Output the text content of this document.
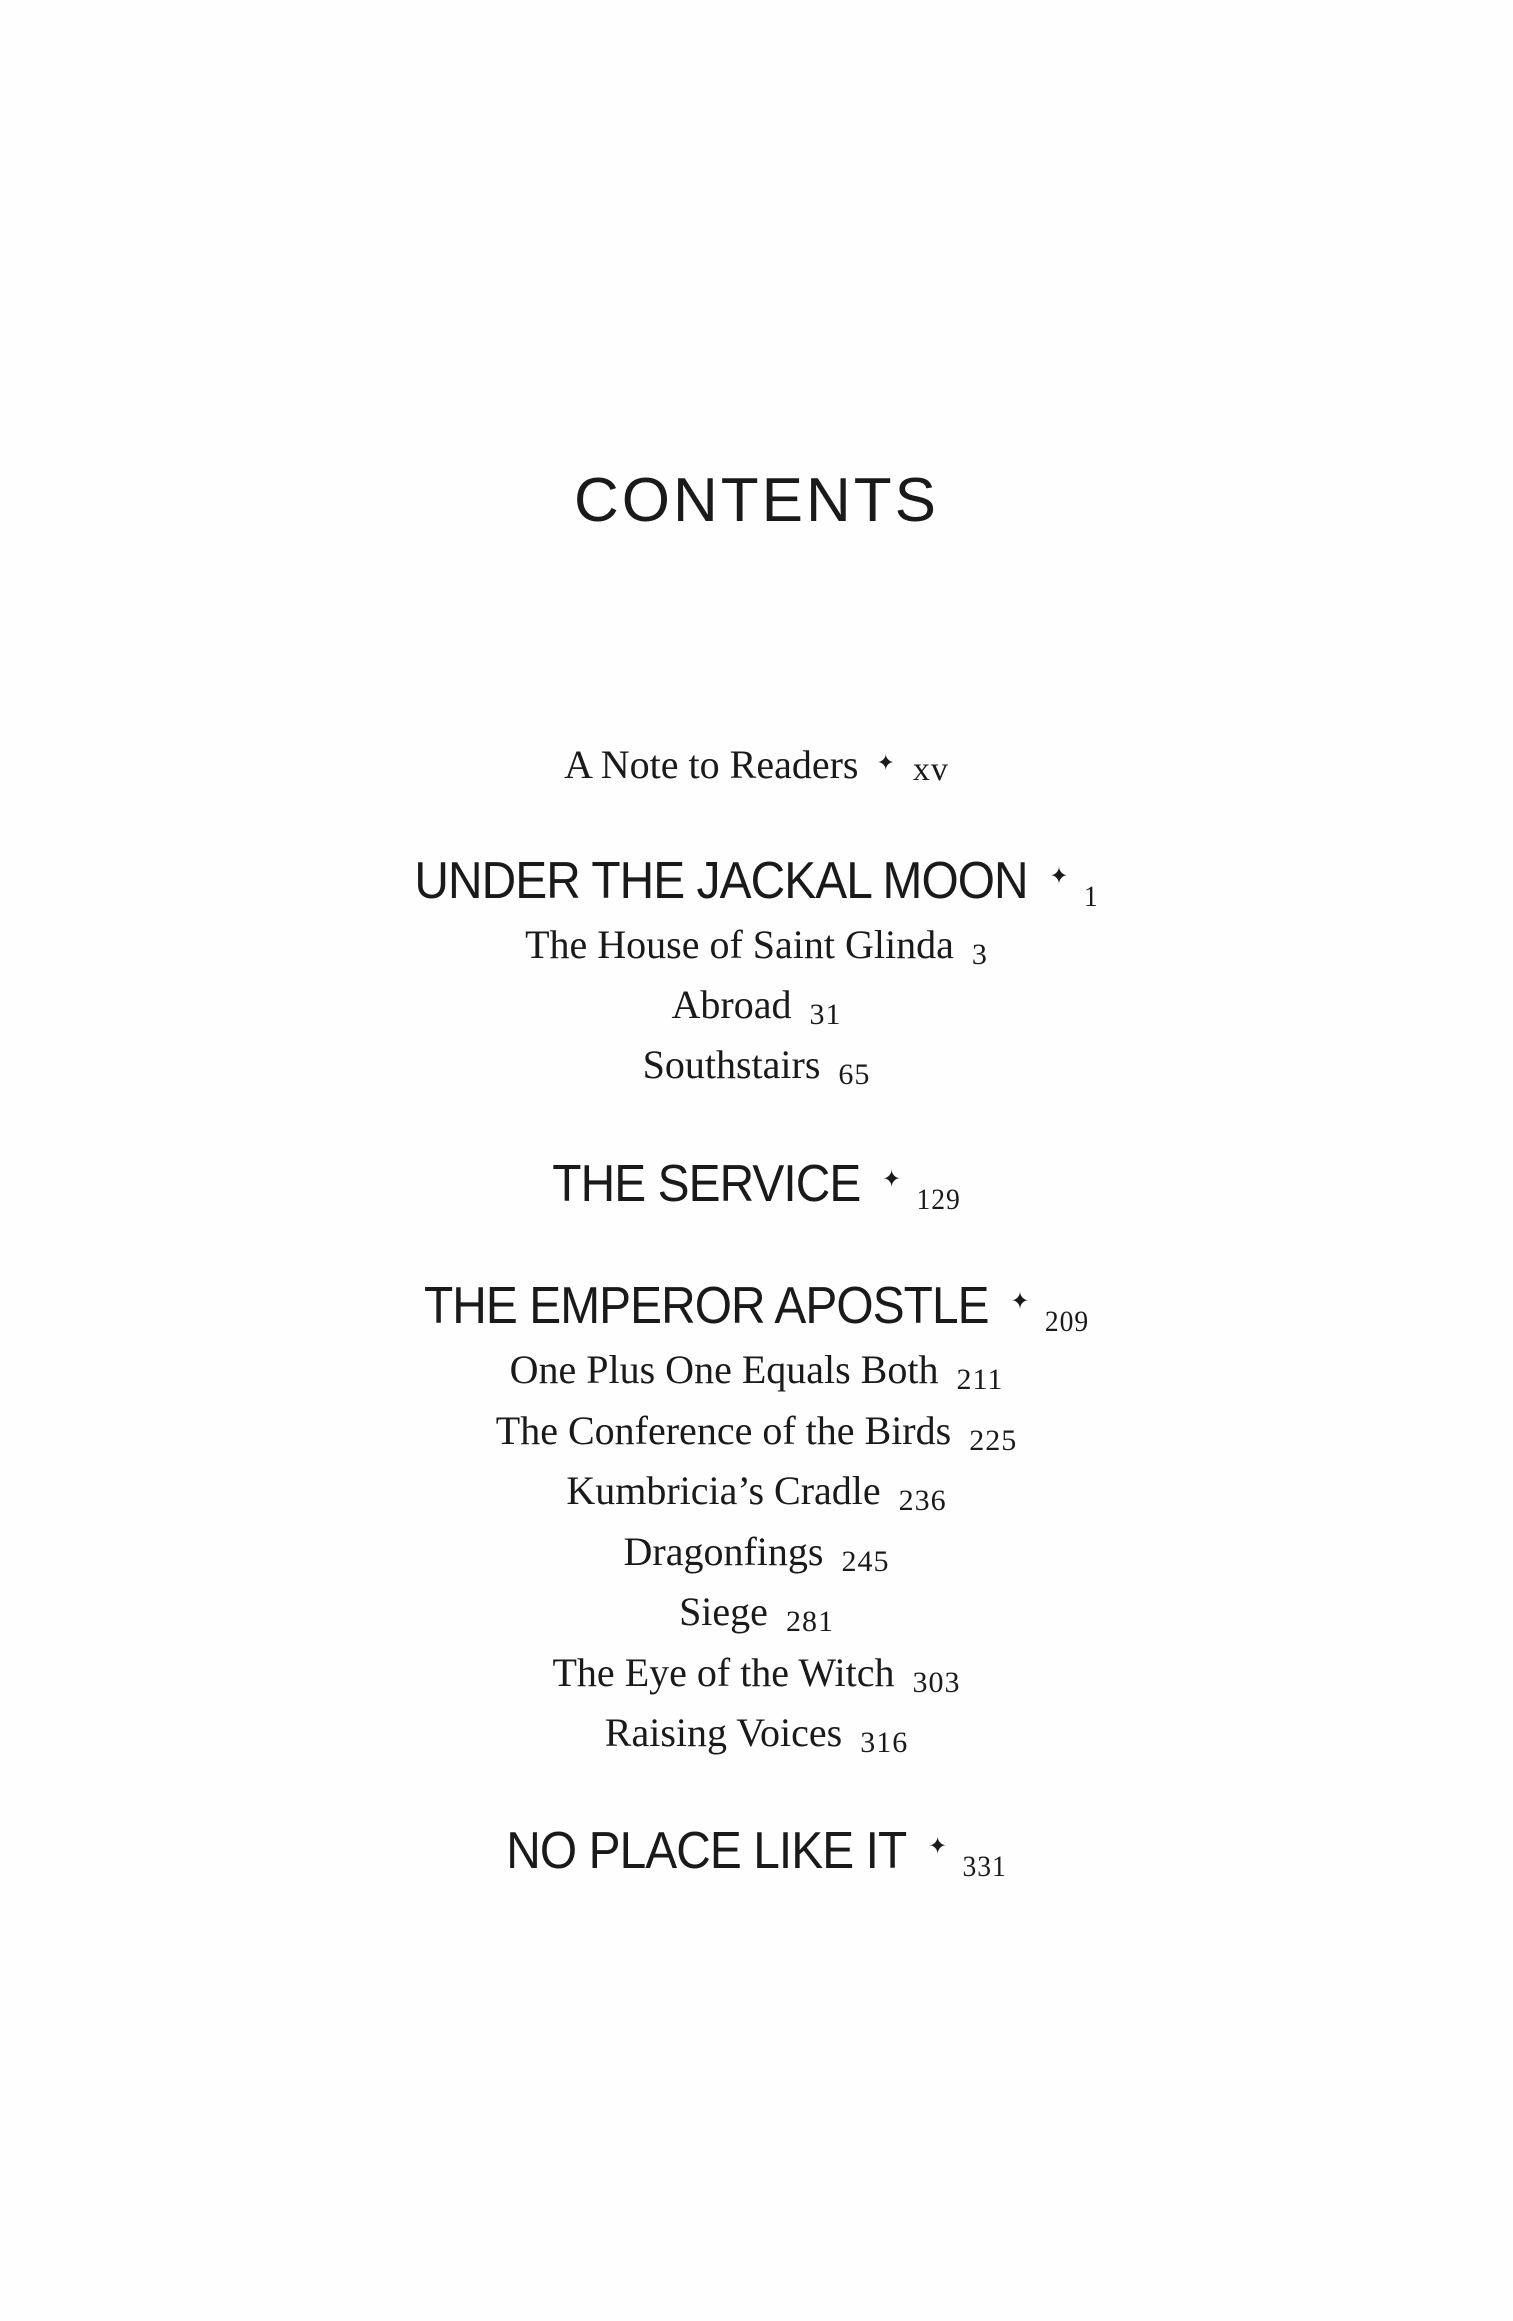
CONTENTS
A Note to Readers ✦ xv
UNDER THE JACKAL MOON ✦1
The House of Saint Glinda 3
Abroad 31
Southstairs 65
THE SERVICE ✦129
THE EMPEROR APOSTLE ✦209
One Plus One Equals Both 211
The Conference of the Birds 225
Kumbricia’s Cradle 236
Dragonfings 245
Siege 281
The Eye of the Witch 303
Raising Voices 316
NO PLACE LIKE IT ✦331
